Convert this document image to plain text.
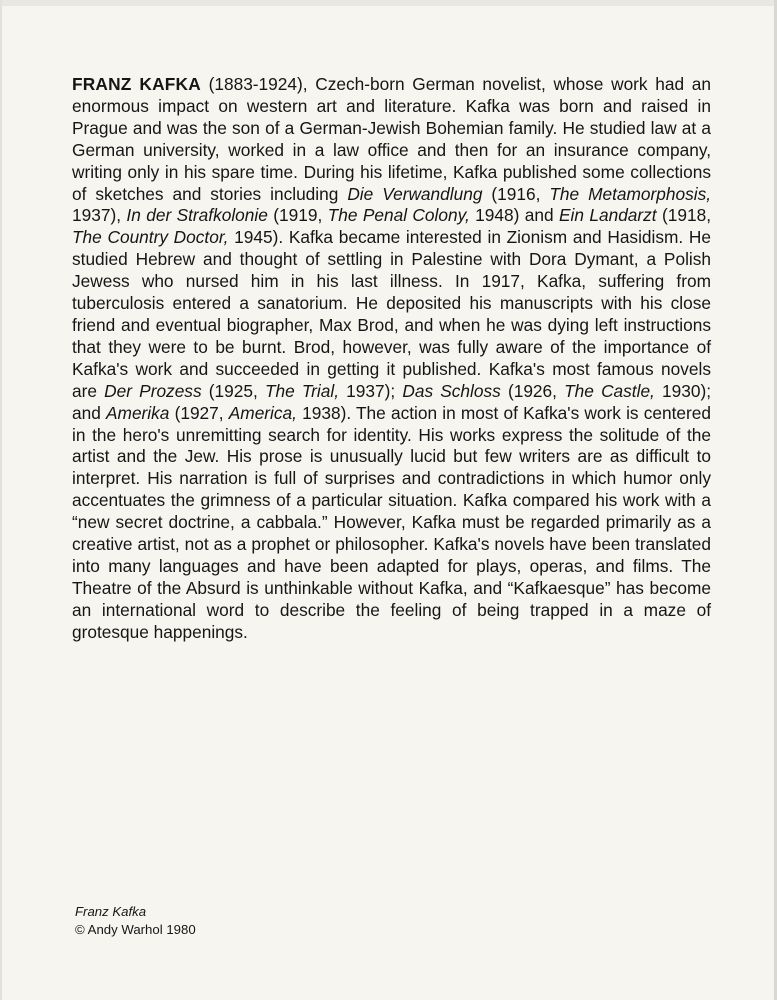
FRANZ KAFKA (1883-1924), Czech-born German novelist, whose work had an enormous impact on western art and literature. Kafka was born and raised in Prague and was the son of a German-Jewish Bohemian family. He studied law at a German university, worked in a law office and then for an insurance company, writing only in his spare time. During his lifetime, Kafka published some collections of sketches and stories including Die Verwandlung (1916, The Metamorphosis, 1937), In der Strafkolonie (1919, The Penal Colony, 1948) and Ein Landarzt (1918, The Country Doctor, 1945). Kafka became interested in Zionism and Hasidism. He studied Hebrew and thought of settling in Palestine with Dora Dymant, a Polish Jewess who nursed him in his last illness. In 1917, Kafka, suffering from tuberculosis entered a sanatorium. He deposited his manuscripts with his close friend and eventual biographer, Max Brod, and when he was dying left instructions that they were to be burnt. Brod, however, was fully aware of the importance of Kafka's work and succeeded in getting it published. Kafka's most famous novels are Der Prozess (1925, The Trial, 1937); Das Schloss (1926, The Castle, 1930); and Amerika (1927, America, 1938). The action in most of Kafka's work is centered in the hero's unremitting search for identity. His works express the solitude of the artist and the Jew. His prose is unusually lucid but few writers are as difficult to interpret. His narration is full of surprises and contradictions in which humor only accentuates the grimness of a particular situation. Kafka compared his work with a “new secret doctrine, a cabbala.” However, Kafka must be regarded primarily as a creative artist, not as a prophet or philosopher. Kafka's novels have been translated into many languages and have been adapted for plays, operas, and films. The Theatre of the Absurd is unthinkable without Kafka, and “Kafkaesque” has become an international word to describe the feeling of being trapped in a maze of grotesque happenings.

Franz Kafka
© Andy Warhol 1980
